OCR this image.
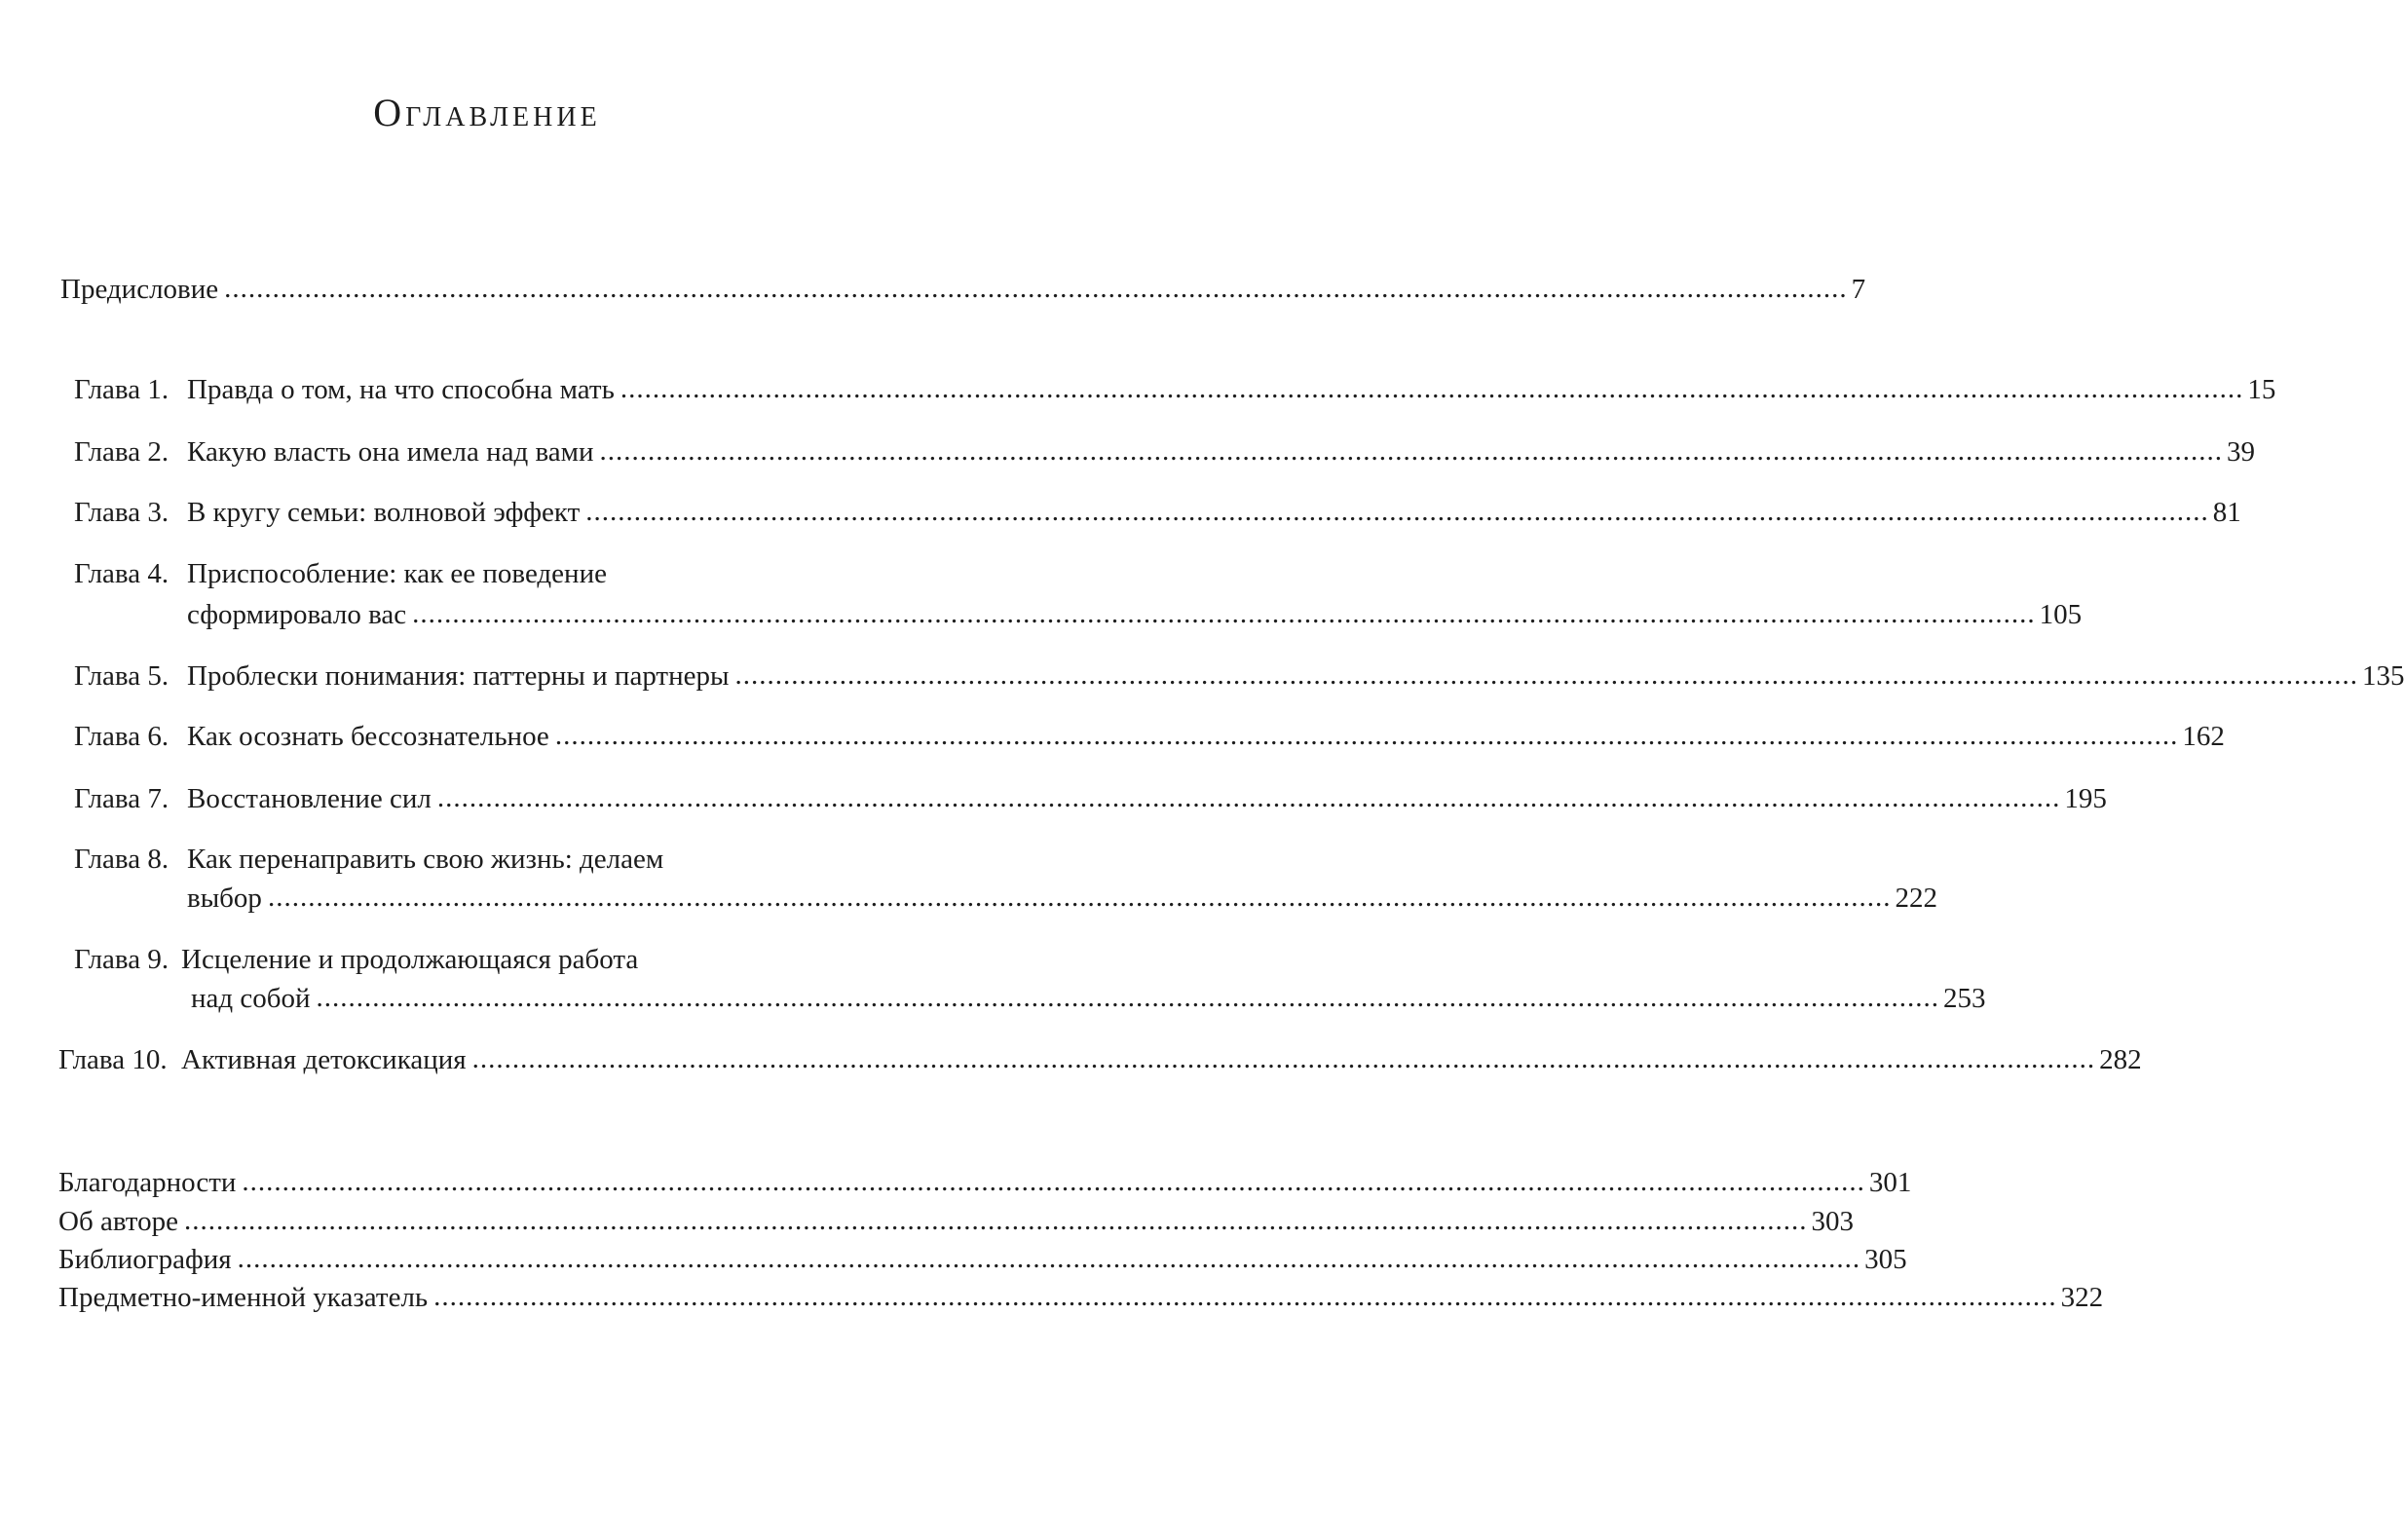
Оглавление
Предисловие .....	7
Глава 1. Правда о том, на что способна мать .....	15
Глава 2. Какую власть она имела над вами .....	39
Глава 3. В кругу семьи: волновой эффект .....	81
Глава 4. Приспособление: как ее поведение
сформировало вас .....	105
Глава 5. Проблески понимания: паттерны и партнеры .....	135
Глава 6. Как осознать бессознательное .....	162
Глава 7. Восстановление сил .....	195
Глава 8. Как перенаправить свою жизнь: делаем
выбор .....	222
Глава 9. Исцеление и продолжающаяся работа
над собой .....	253
Глава 10. Активная детоксикация .....	282
Благодарности .....	301
Об авторе .....	303
Библиография .....	305
Предметно-именной указатель .....	322
